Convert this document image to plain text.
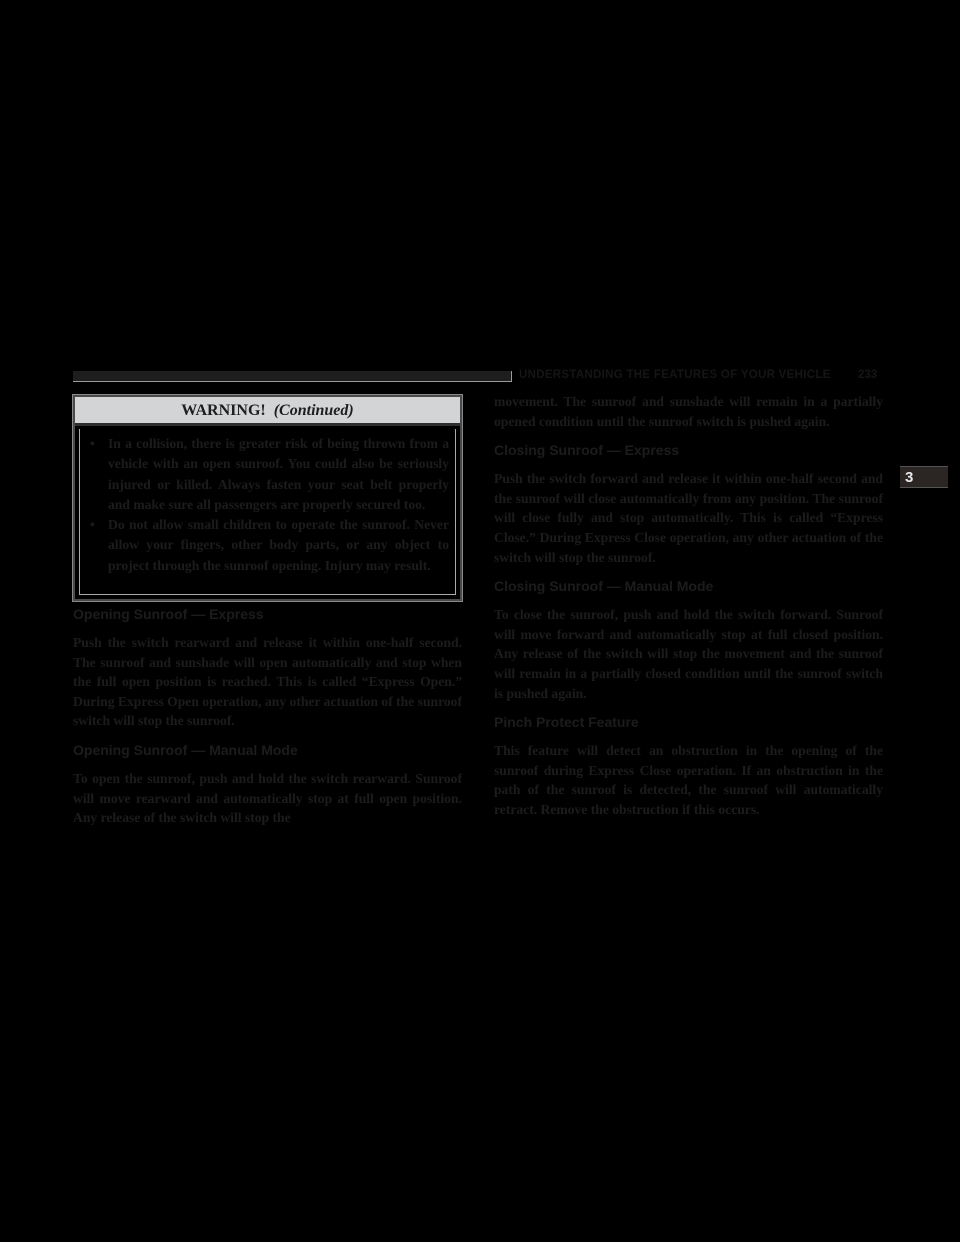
UNDERSTANDING THE FEATURES OF YOUR VEHICLE 233
3
WARNING! (Continued)
• In a collision, there is greater risk of being thrown from a vehicle with an open sunroof. You could also be seriously injured or killed. Always fasten your seat belt properly and make sure all passengers are properly secured too.
• Do not allow small children to operate the sunroof. Never allow your fingers, other body parts, or any object to project through the sunroof opening. Injury may result.
Opening Sunroof — Express

Push the switch rearward and release it within one-half second. The sunroof and sunshade will open automatically and stop when the full open position is reached. This is called “Express Open.” During Express Open operation, any other actuation of the sunroof switch will stop the sunroof.

Opening Sunroof — Manual Mode

To open the sunroof, push and hold the switch rearward. Sunroof will move rearward and automatically stop at full open position. Any release of the switch will stop the

movement. The sunroof and sunshade will remain in a partially opened condition until the sunroof switch is pushed again.

Closing Sunroof — Express

Push the switch forward and release it within one-half second and the sunroof will close automatically from any position. The sunroof will close fully and stop automatically. This is called “Express Close.” During Express Close operation, any other actuation of the switch will stop the sunroof.

Closing Sunroof — Manual Mode

To close the sunroof, push and hold the switch forward. Sunroof will move forward and automatically stop at full closed position. Any release of the switch will stop the movement and the sunroof will remain in a partially closed condition until the sunroof switch is pushed again.

Pinch Protect Feature

This feature will detect an obstruction in the opening of the sunroof during Express Close operation. If an obstruction in the path of the sunroof is detected, the sunroof will automatically retract. Remove the obstruction if this occurs.
